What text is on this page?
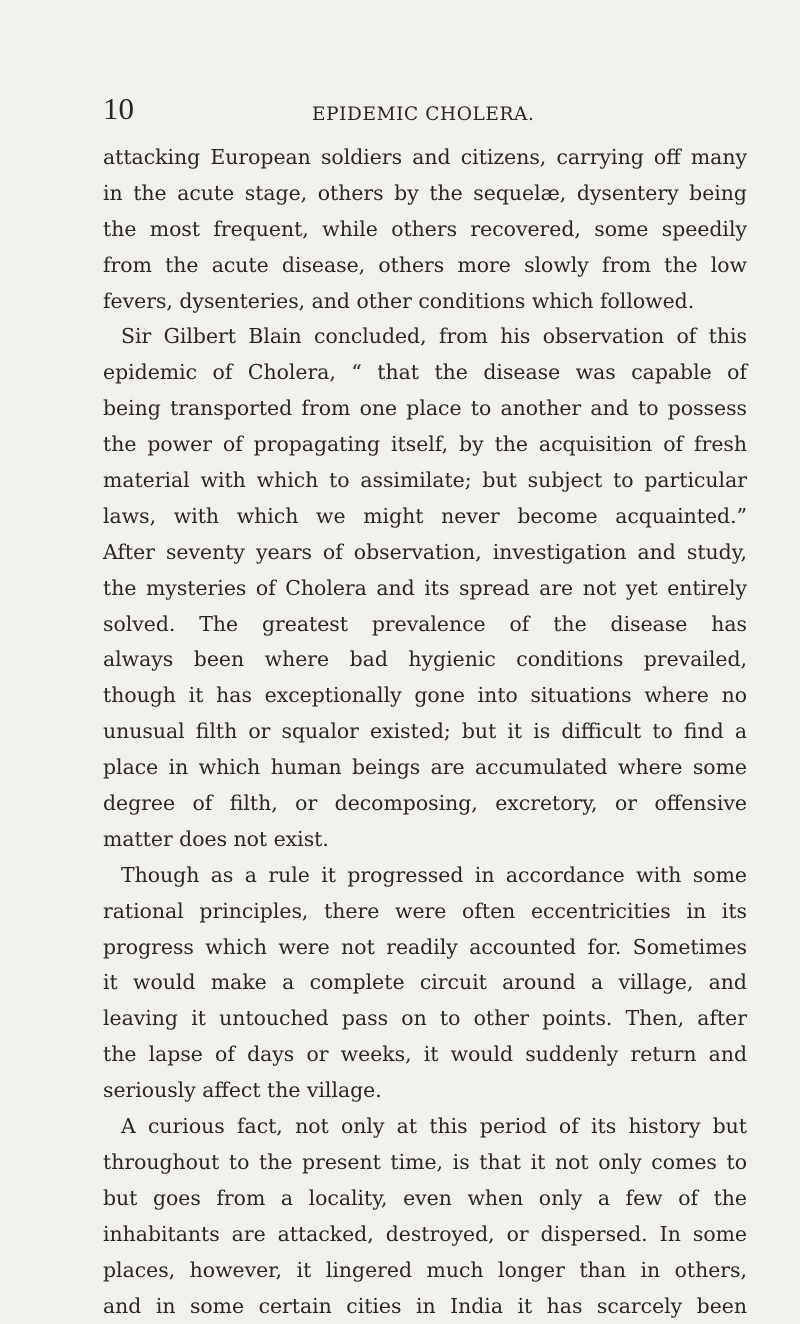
10	EPIDEMIC CHOLERA.
attacking European soldiers and citizens, carrying off many
in the acute stage, others by the sequelæ, dysentery being
the most frequent, while others recovered, some speedily
from the acute disease, others more slowly from the low
fevers, dysenteries, and other conditions which followed.
Sir Gilbert Blain concluded, from his observation of this
epidemic of Cholera, “ that the disease was capable of
being transported from one place to another and to possess
the power of propagating itself, by the acquisition of fresh
material with which to assimilate; but subject to particular
laws, with which we might never become acquainted.”
After seventy years of observation, investigation and study,
the mysteries of Cholera and its spread are not yet entirely
solved. The greatest prevalence of the disease has
always been where bad hygienic conditions prevailed,
though it has exceptionally gone into situations where no
unusual filth or squalor existed; but it is difficult to find a
place in which human beings are accumulated where some
degree of filth, or decomposing, excretory, or offensive
matter does not exist.
Though as a rule it progressed in accordance with some
rational principles, there were often eccentricities in its
progress which were not readily accounted for. Sometimes
it would make a complete circuit around a village, and
leaving it untouched pass on to other points. Then, after
the lapse of days or weeks, it would suddenly return and
seriously affect the village.
A curious fact, not only at this period of its history but
throughout to the present time, is that it not only comes to
but goes from a locality, even when only a few of the
inhabitants are attacked, destroyed, or dispersed. In some
places, however, it lingered much longer than in others,
and in some certain cities in India it has scarcely been
